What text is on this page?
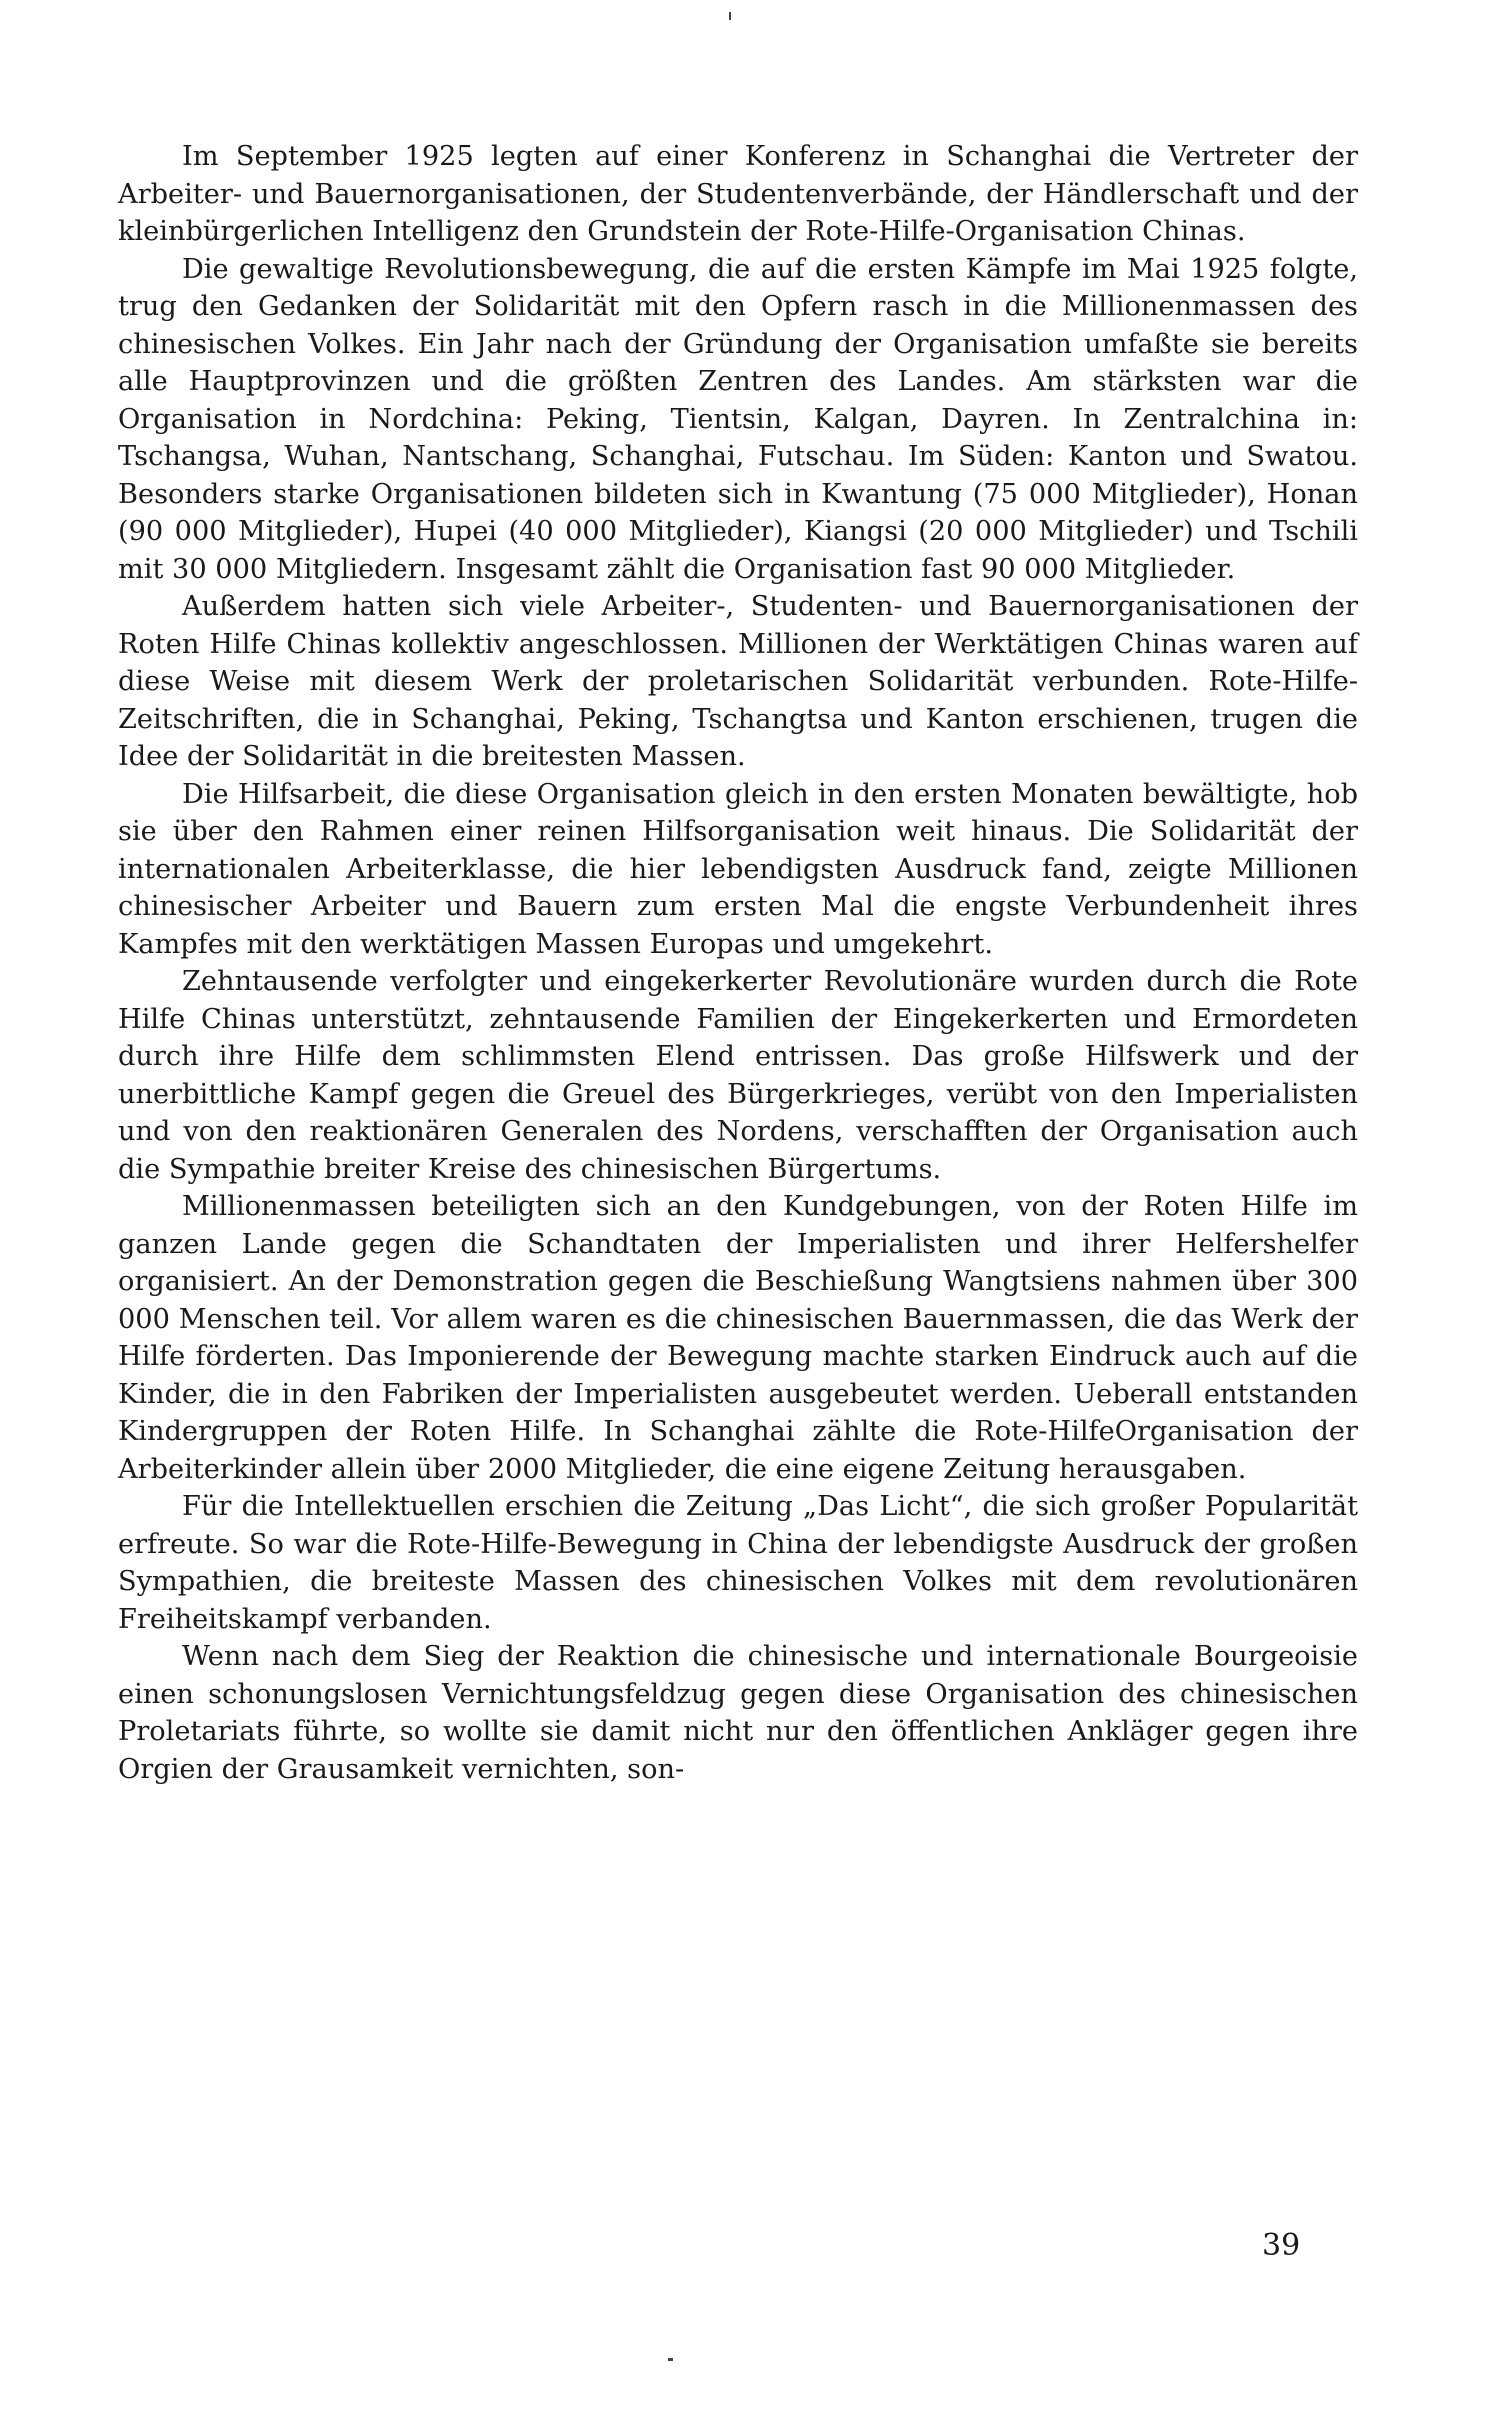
Im September 1925 legten auf einer Konferenz in Schanghai die Vertreter der Arbeiter- und Bauernorganisationen, der Studentenverbände, der Händlerschaft und der kleinbürgerlichen Intelligenz den Grundstein der Rote-Hilfe-Organisation Chinas.

Die gewaltige Revolutionsbewegung, die auf die ersten Kämpfe im Mai 1925 folgte, trug den Gedanken der Solidarität mit den Opfern rasch in die Millionenmassen des chinesischen Volkes. Ein Jahr nach der Gründung der Organisation umfaßte sie bereits alle Hauptprovinzen und die größten Zentren des Landes. Am stärksten war die Organisation in Nordchina: Peking, Tientsin, Kalgan, Dayren. In Zentralchina in: Tschangsa, Wuhan, Nantschang, Schanghai, Futschau. Im Süden: Kanton und Swatou. Besonders starke Organisationen bildeten sich in Kwantung (75 000 Mitglieder), Honan (90 000 Mitglieder), Hupei (40 000 Mitglieder), Kiangsi (20 000 Mitglieder) und Tschili mit 30 000 Mitgliedern. Insgesamt zählt die Organisation fast 90 000 Mitglieder.

Außerdem hatten sich viele Arbeiter-, Studenten- und Bauernorganisationen der Roten Hilfe Chinas kollektiv angeschlossen. Millionen der Werktätigen Chinas waren auf diese Weise mit diesem Werk der proletarischen Solidarität verbunden. Rote-Hilfe-Zeitschriften, die in Schanghai, Peking, Tschangtsa und Kanton erschienen, trugen die Idee der Solidarität in die breitesten Massen.

Die Hilfsarbeit, die diese Organisation gleich in den ersten Monaten bewältigte, hob sie über den Rahmen einer reinen Hilfsorganisation weit hinaus. Die Solidarität der internationalen Arbeiterklasse, die hier lebendigsten Ausdruck fand, zeigte Millionen chinesischer Arbeiter und Bauern zum ersten Mal die engste Verbundenheit ihres Kampfes mit den werktätigen Massen Europas und umgekehrt.

Zehntausende verfolgter und eingekerkerter Revolutionäre wurden durch die Rote Hilfe Chinas unterstützt, zehntausende Familien der Eingekerkerten und Ermordeten durch ihre Hilfe dem schlimmsten Elend entrissen. Das große Hilfswerk und der unerbittliche Kampf gegen die Greuel des Bürgerkrieges, verübt von den Imperialisten und von den reaktionären Generalen des Nordens, verschafften der Organisation auch die Sympathie breiter Kreise des chinesischen Bürgertums.

Millionenmassen beteiligten sich an den Kundgebungen, von der Roten Hilfe im ganzen Lande gegen die Schandtaten der Imperialisten und ihrer Helfershelfer organisiert. An der Demonstration gegen die Beschießung Wangtsiens nahmen über 300 000 Menschen teil. Vor allem waren es die chinesischen Bauernmassen, die das Werk der Hilfe förderten. Das Imponierende der Bewegung machte starken Eindruck auch auf die Kinder, die in den Fabriken der Imperialisten ausgebeutet werden. Ueberall entstanden Kindergruppen der Roten Hilfe. In Schanghai zählte die Rote-HilfeOrganisation der Arbeiterkinder allein über 2000 Mitglieder, die eine eigene Zeitung herausgaben.

Für die Intellektuellen erschien die Zeitung „Das Licht“, die sich großer Popularität erfreute. So war die Rote-Hilfe-Bewegung in China der lebendigste Ausdruck der großen Sympathien, die breiteste Massen des chinesischen Volkes mit dem revolutionären Freiheitskampf verbanden.

Wenn nach dem Sieg der Reaktion die chinesische und internationale Bourgeoisie einen schonungslosen Vernichtungsfeldzug gegen diese Organisation des chinesischen Proletariats führte, so wollte sie damit nicht nur den öffentlichen Ankläger gegen ihre Orgien der Grausamkeit vernichten, son-

39
